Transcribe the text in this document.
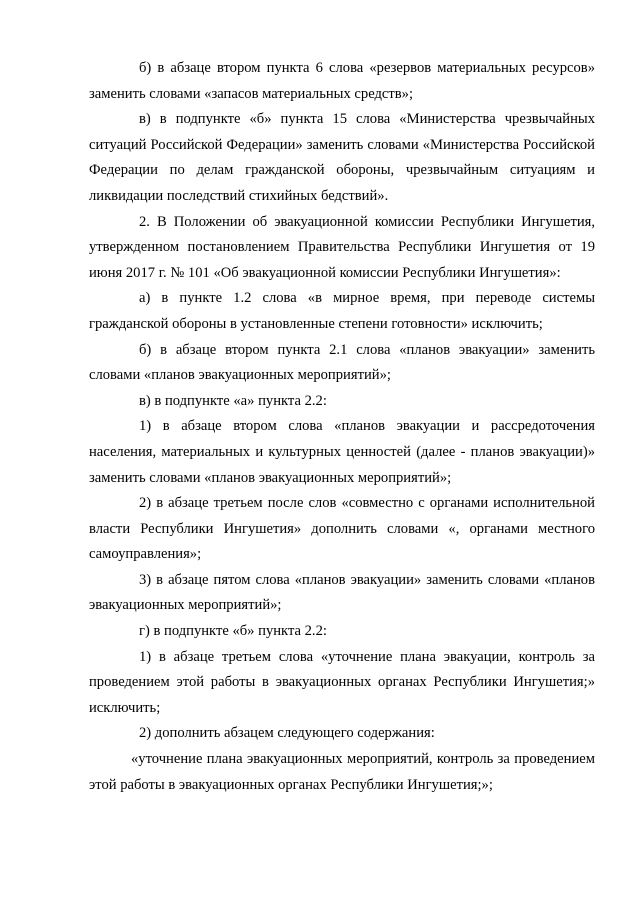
б) в абзаце втором пункта 6 слова «резервов материальных ресурсов» заменить словами «запасов материальных средств»;

в) в подпункте «б» пункта 15 слова «Министерства чрезвычайных ситуаций Российской Федерации» заменить словами «Министерства Российской Федерации по делам гражданской обороны, чрезвычайным ситуациям и ликвидации последствий стихийных бедствий».

2. В Положении об эвакуационной комиссии Республики Ингушетия, утвержденном постановлением Правительства Республики Ингушетия от 19 июня 2017 г. № 101 «Об эвакуационной комиссии Республики Ингушетия»:

а) в пункте 1.2 слова «в мирное время, при переводе системы гражданской обороны в установленные степени готовности» исключить;

б) в абзаце втором пункта 2.1 слова «планов эвакуации» заменить словами «планов эвакуационных мероприятий»;

в) в подпункте «а» пункта 2.2:

1) в абзаце втором слова «планов эвакуации и рассредоточения населения, материальных и культурных ценностей (далее - планов эвакуации)» заменить словами «планов эвакуационных мероприятий»;

2) в абзаце третьем после слов «совместно с органами исполнительной власти Республики Ингушетия» дополнить словами «, органами местного самоуправления»;

3) в абзаце пятом слова «планов эвакуации» заменить словами «планов эвакуационных мероприятий»;

г) в подпункте «б» пункта 2.2:

1) в абзаце третьем слова «уточнение плана эвакуации, контроль за проведением этой работы в эвакуационных органах Республики Ингушетия;» исключить;

2) дополнить абзацем следующего содержания:

«уточнение плана эвакуационных мероприятий, контроль за проведением этой работы в эвакуационных органах Республики Ингушетия;»;
